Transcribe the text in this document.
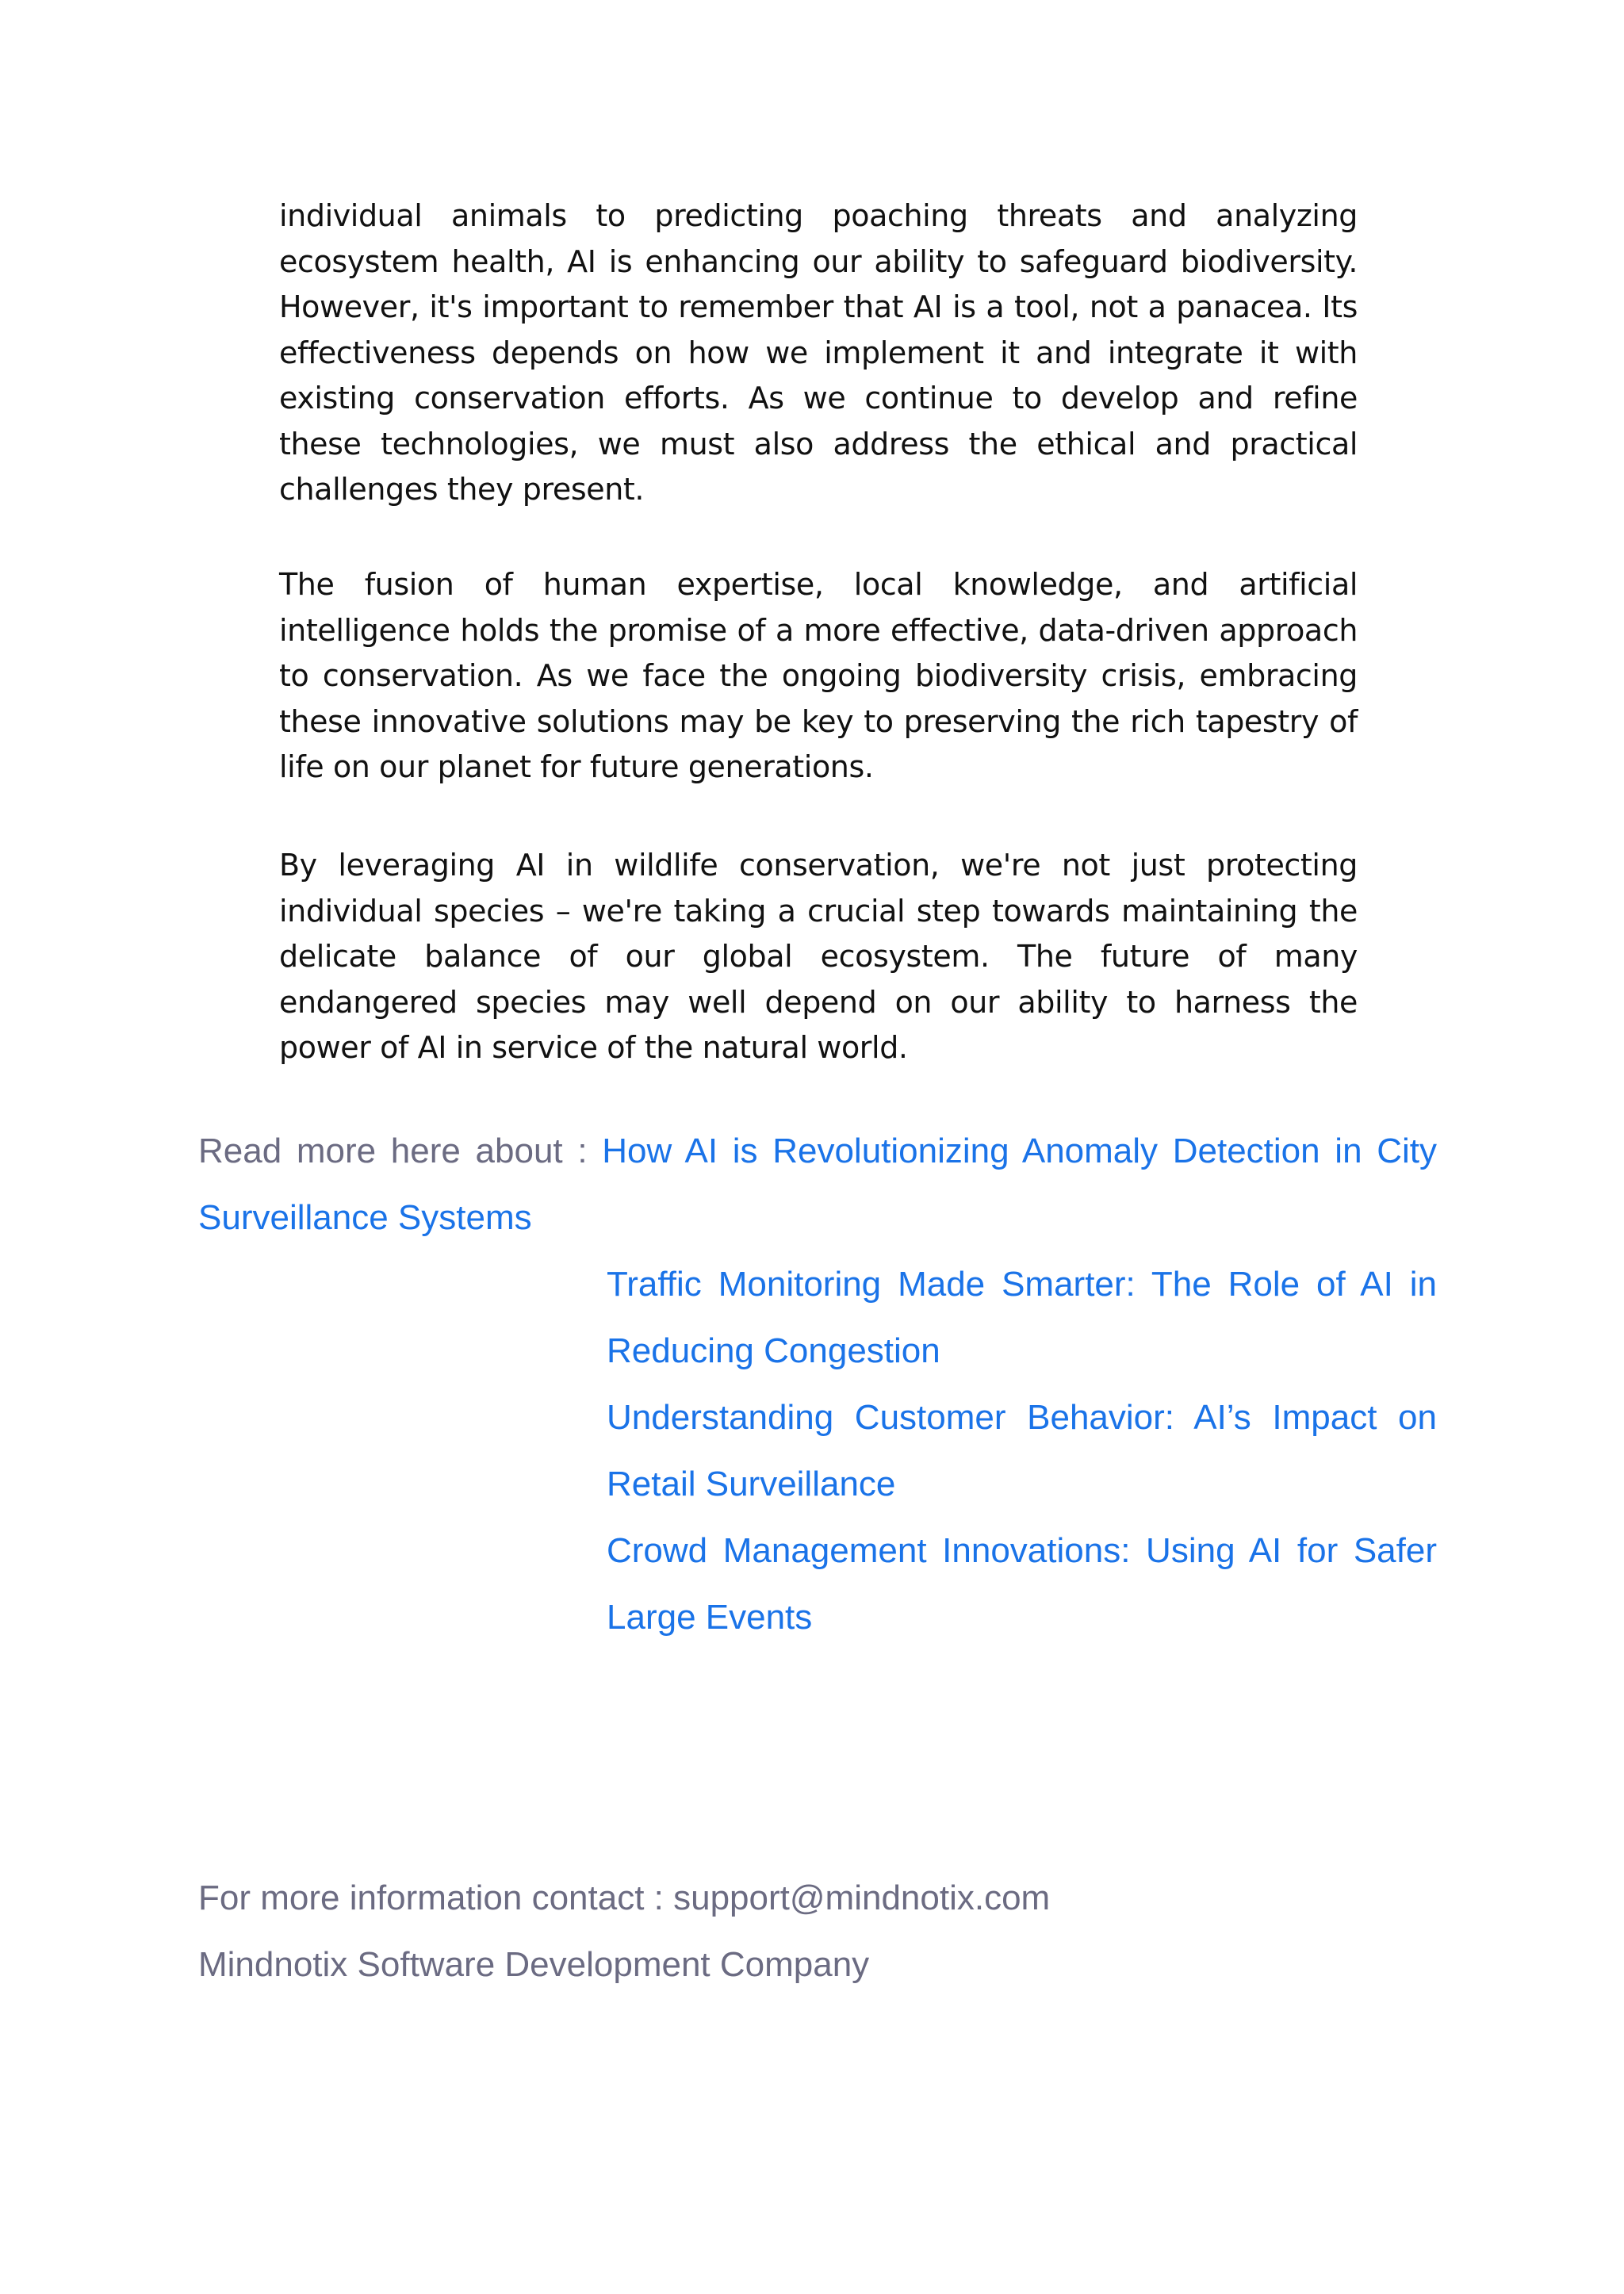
individual animals to predicting poaching threats and analyzing ecosystem health, AI is enhancing our ability to safeguard biodiversity. However, it's important to remember that AI is a tool, not a panacea. Its effectiveness depends on how we implement it and integrate it with existing conservation efforts. As we continue to develop and refine these technologies, we must also address the ethical and practical challenges they present.

The fusion of human expertise, local knowledge, and artificial intelligence holds the promise of a more effective, data-driven approach to conservation. As we face the ongoing biodiversity crisis, embracing these innovative solutions may be key to preserving the rich tapestry of life on our planet for future generations.

By leveraging AI in wildlife conservation, we're not just protecting individual species – we're taking a crucial step towards maintaining the delicate balance of our global ecosystem. The future of many endangered species may well depend on our ability to harness the power of AI in service of the natural world.

Read more here about : How AI is Revolutionizing Anomaly Detection in City Surveillance Systems

Traffic Monitoring Made Smarter: The Role of AI in Reducing Congestion

Understanding Customer Behavior: AI’s Impact on Retail Surveillance

Crowd Management Innovations: Using AI for Safer Large Events

For more information contact : support@mindnotix.com

Mindnotix Software Development Company
